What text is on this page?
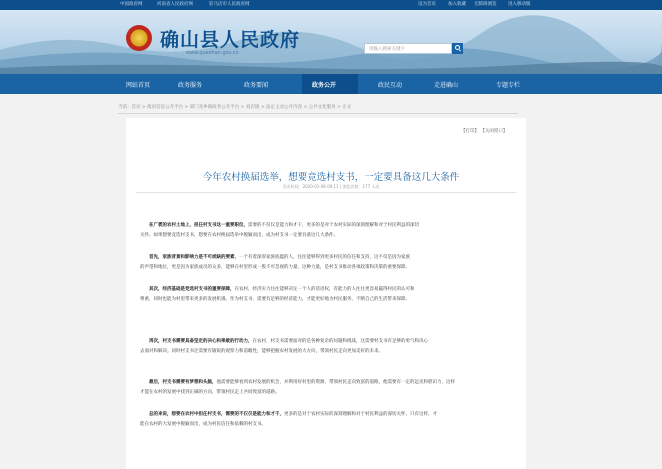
中国政府网	河南省人民政府网	驻马店市人民政府网	设为首页	加入收藏 无障碍浏览	进入移动版
确山县人民政府
www.queshan.gov.cn
请输入搜索关键字
网站首页	政务服务	政务要闻	政务公开	政民互动	走进确山	专题专栏
当前：首页 > 政府信息公开平台 > 部门及乡镇政务公开平台 > 刘店镇 > 法定主动公开内容 > 公共文化服务 > 正文
【打印】 【关闭窗口】
今年农村换届选举，想要竞选村支书，一定要具备这几大条件
发布时间：2020-01-08 09:11 | 浏览次数：177 人次
在广袤的农村土地上，担任村支书这一重要职位，需要的不仅仅是能力和才干，更多的是对于农村实际的深刻理解和对于村民利益的深切
关怀。如果想要竞选村支书，想要在农村换届选举中脱颖而出，成为村支书一定要具备这几大条件。
首先，家族背景和影响力是不可或缺的要素，一个有着深厚家族底蕴的人，往往能够得到更多村民的信任和支持，这不仅是因为家族
的声望和地位，更是因为家族成员的众多，能够在村里形成一股不可忽视的力量，这种力量，是村支书推动各项政策和决策的重要保障。
其次，经济基础是竞选村支书的重要保障，在农村，经济实力往往能够决定一个人的话语权，有能力的人往往更容易赢得村民的认可和
尊重，同时也能为村里带来更多的发展机遇。作为村支书，需要有足够的经济能力，才能更好地为村民服务，不断自己的生活带来保障。
再次，村支书需要具备坚定的决心和果敢的行动力，在农村，村支书需要面对的是各种复杂的问题和挑战，这需要村支书有足够的勇气和决心
去面对和解决。同时村支书还需要有敏锐的观察力和前瞻性，能够把握农村发展的大方向，带领村民走向更加美好的未来。
最后，村支书需要有梦想和头脑，他需要能够看到农村发展的机会，并利用好村里的资源，带领村民走向致富的道路，他需要有一定的远见和胆识力，这样
才能在农村的发展中找到正确的方向，带领村民走上共同致富的道路。
总的来说，想要在农村中担任村支书，需要的不仅仅是能力和才干，更多的是对于农村实际的深刻理解和对于村民利益的深切关怀，只有这样，才
能在农村的大发展中脱颖而出，成为村民信任和依赖的村支书。
